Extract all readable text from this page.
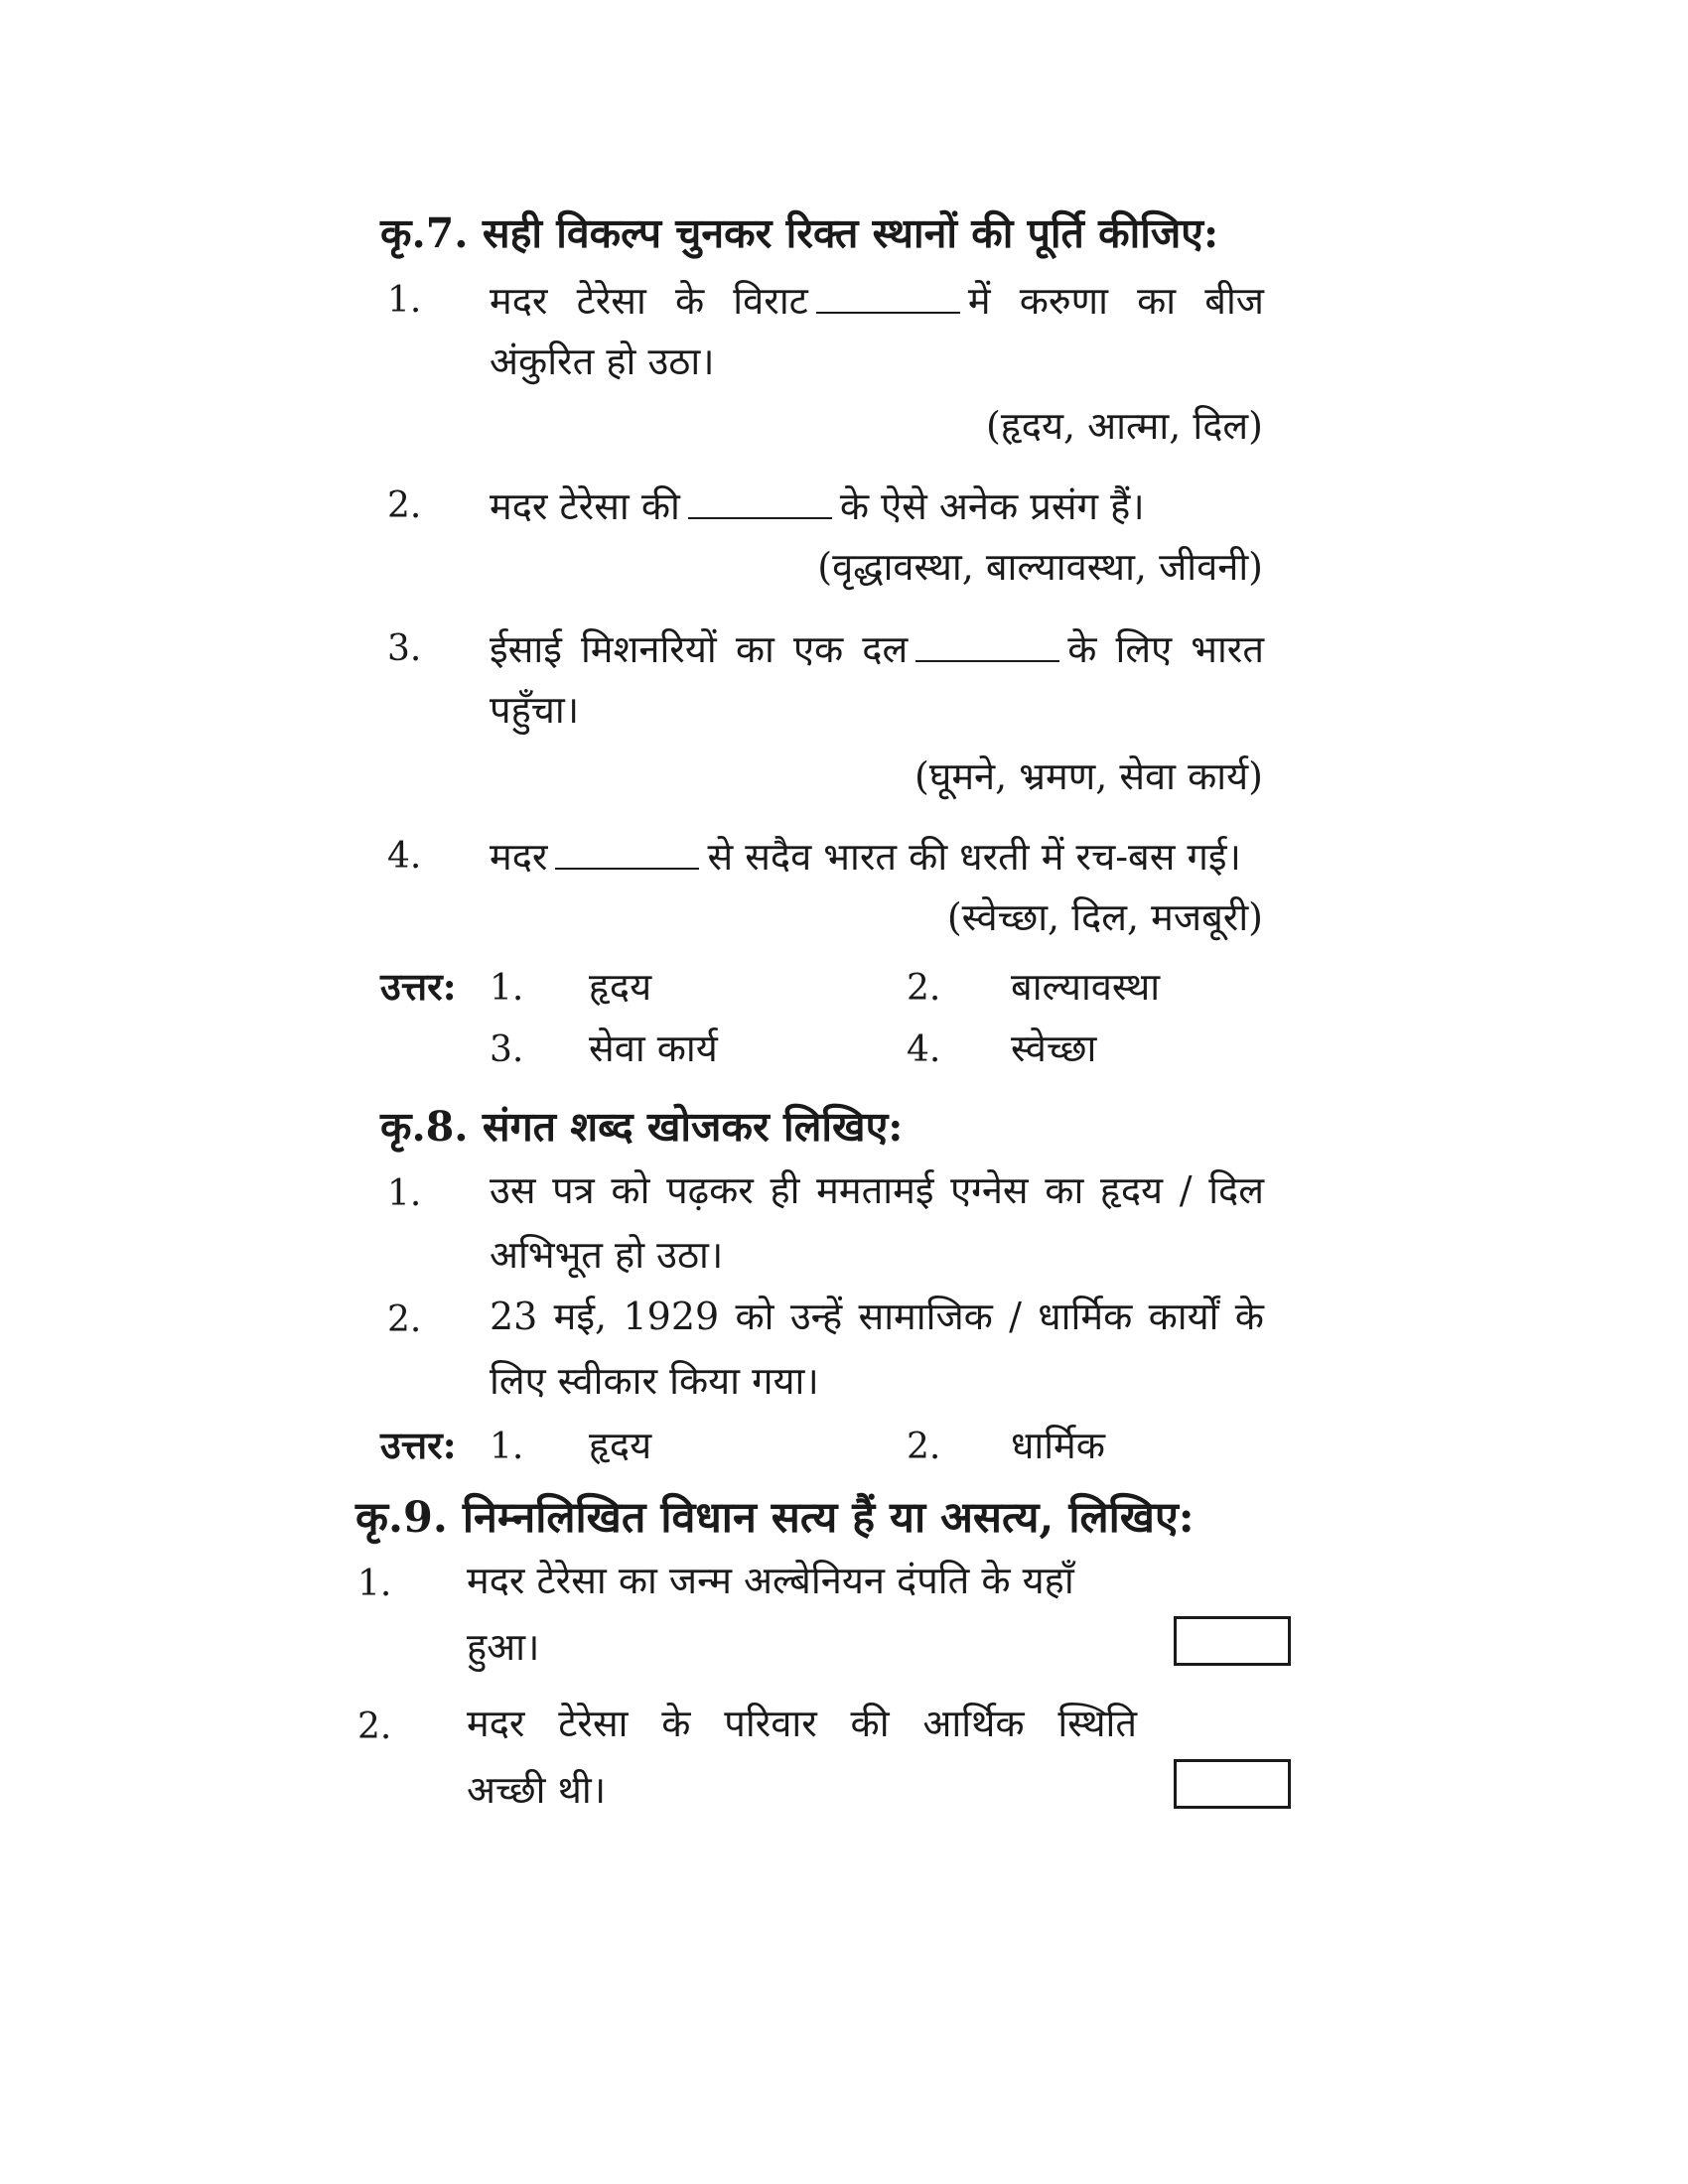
कृ.7. सही विकल्प चुनकर रिक्त स्थानों की पूर्ति कीजिए:
1. मदर टेरेसा के विराट	में करुणा का बीज
अंकुरित हो उठा।
(हृदय, आत्मा, दिल)
2. मदर टेरेसा की	के ऐसे अनेक प्रसंग हैं।
(वृद्धावस्था, बाल्यावस्था, जीवनी)
3. ईसाई मिशनरियों का एक दल	के लिए भारत
पहुँचा।
(घूमने, भ्रमण, सेवा कार्य)
4. मदर	से सदैव भारत की धरती में रच-बस गई।
(स्वेच्छा, दिल, मजबूरी)
उत्तर: 1. हृदय	2. बाल्यावस्था
3. सेवा कार्य	4. स्वेच्छा
कृ.8. संगत शब्द खोजकर लिखिए:
1. उस पत्र को पढ़कर ही ममतामई एग्नेस का हृदय / दिल
अभिभूत हो उठा।
2. 23 मई, 1929 को उन्हें सामाजिक / धार्मिक कार्यों के
लिए स्वीकार किया गया।
उत्तर: 1. हृदय	2. धार्मिक
कृ.9. निम्नलिखित विधान सत्य हैं या असत्य, लिखिए:
1. मदर टेरेसा का जन्म अल्बेनियन दंपति के यहाँ
हुआ।
2. मदर टेरेसा के परिवार की आर्थिक स्थिति
अच्छी थी।
